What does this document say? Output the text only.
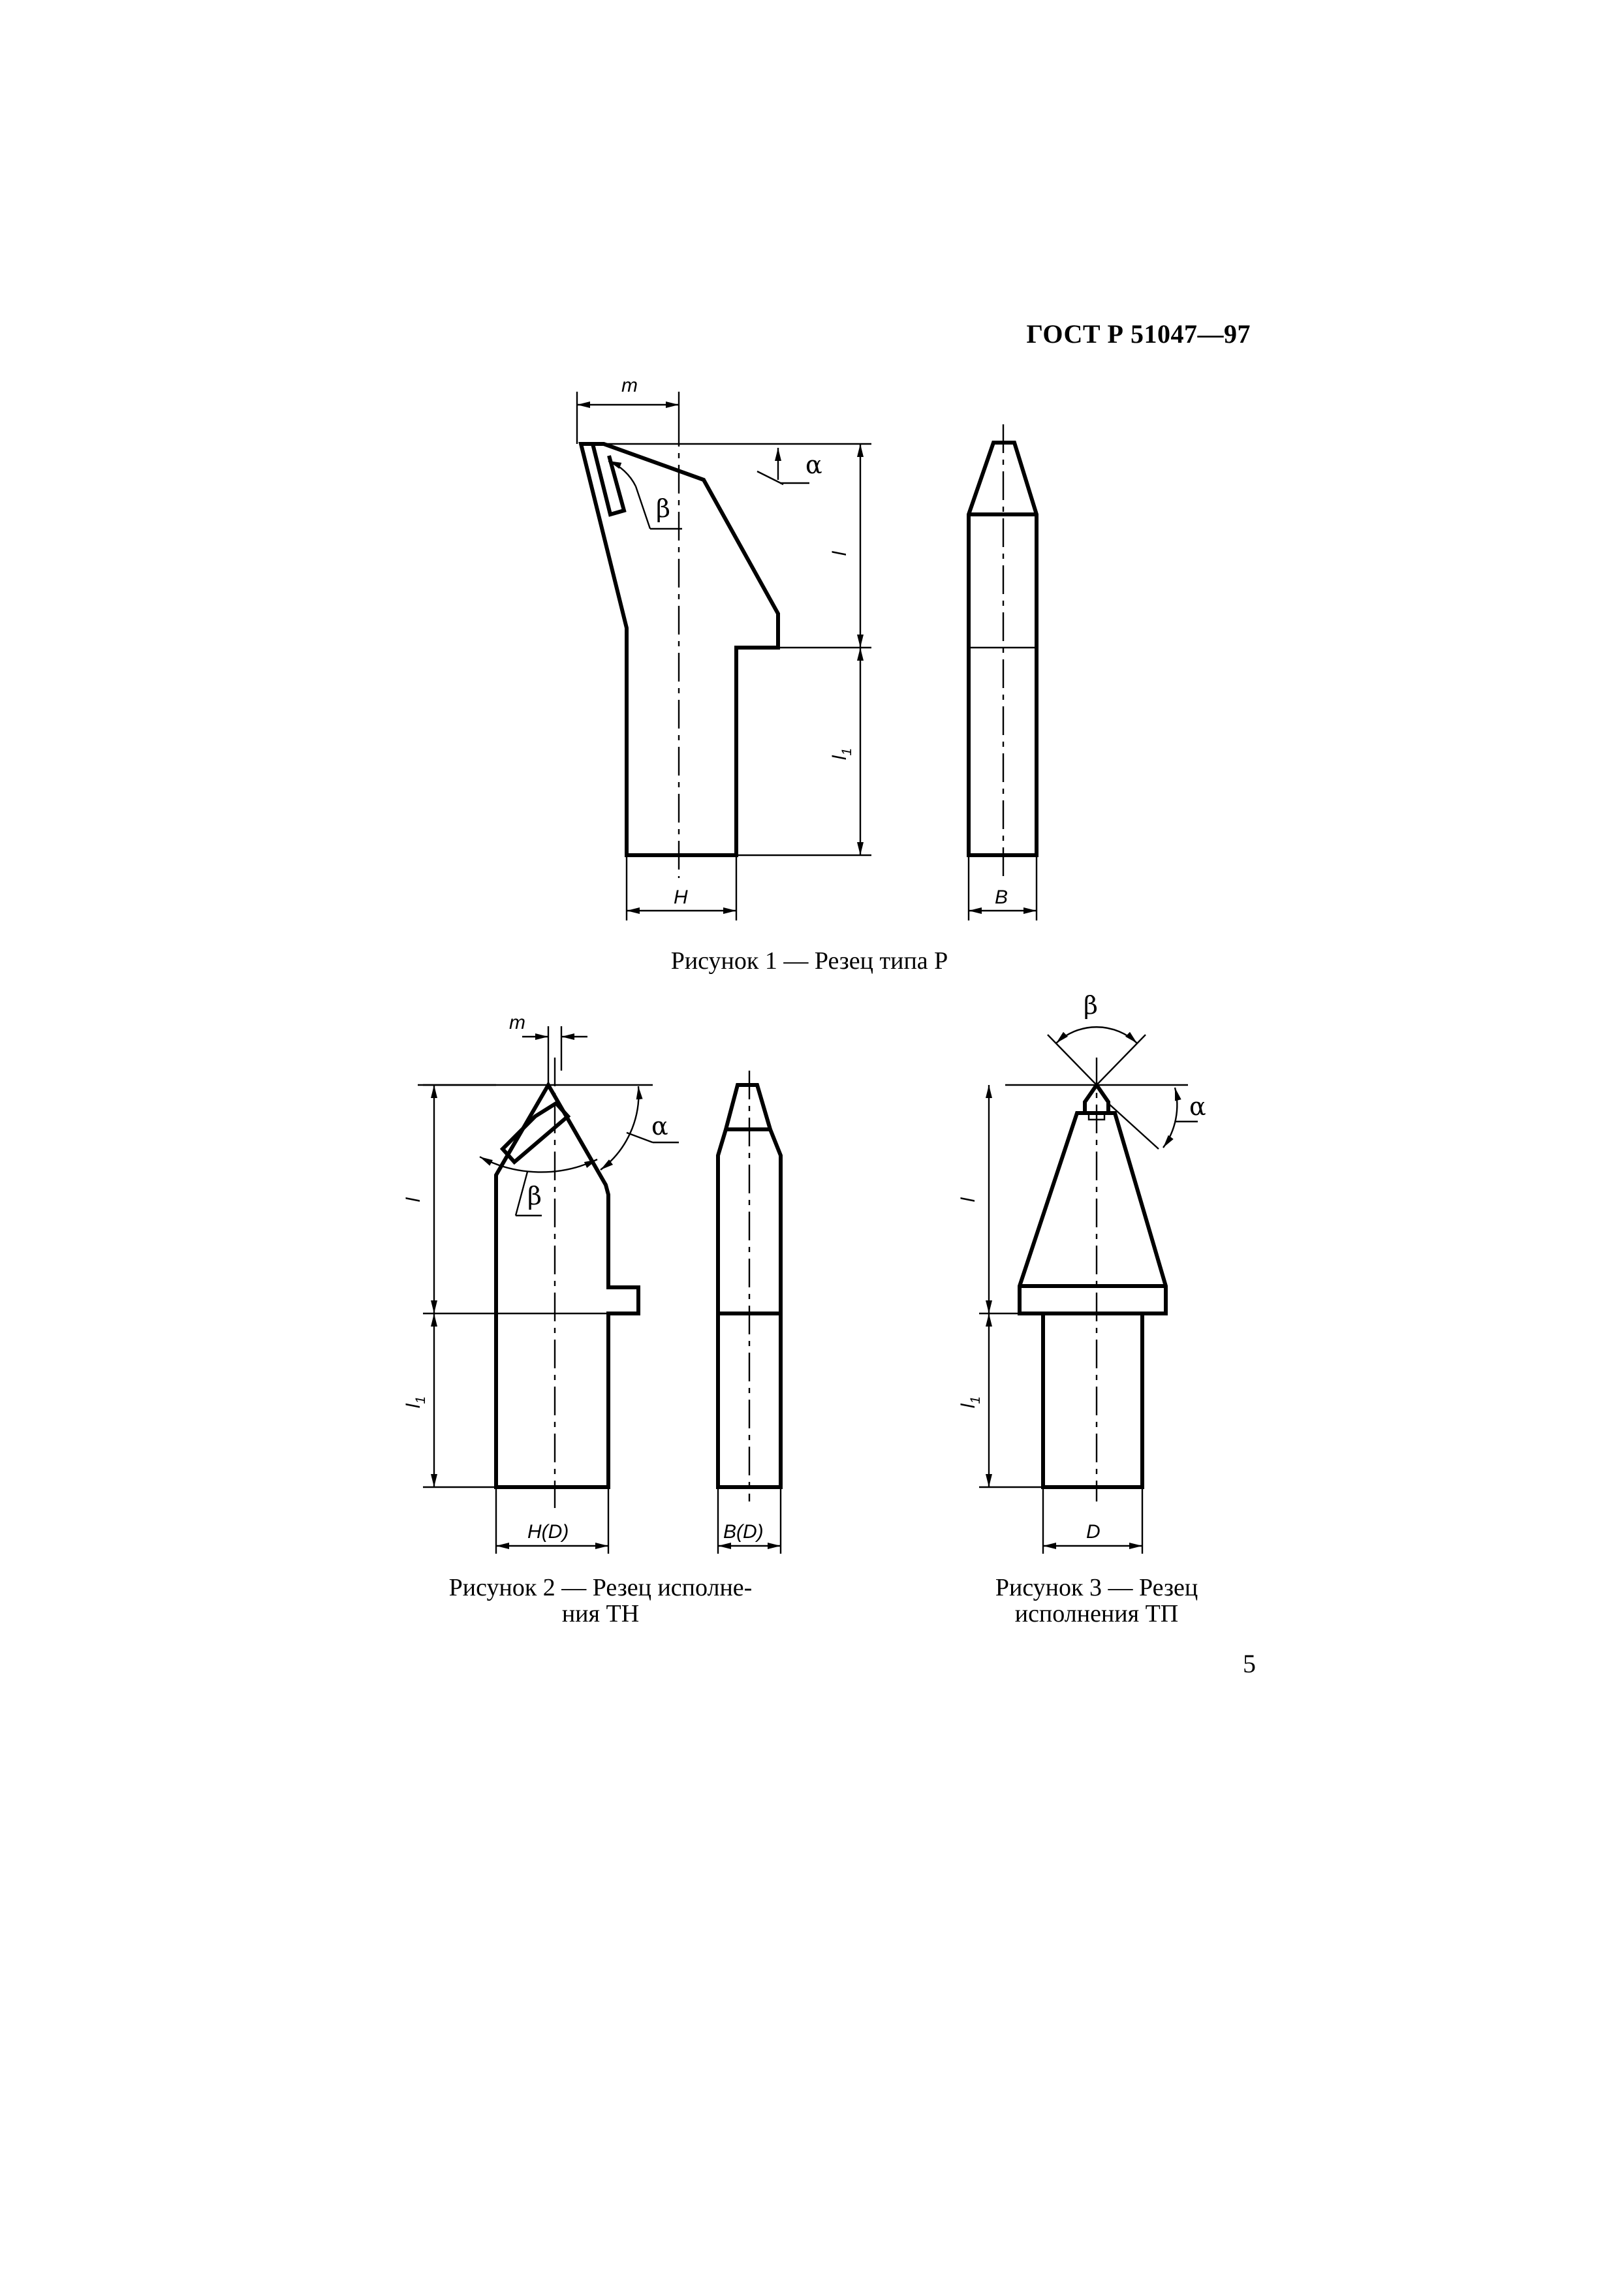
ГОСТ Р 51047—97
m
α
β
l
$l_1$
H	B
m
α
β
l
$l_1$
H(D)	B(D)
β
α
l
$l_1$
D
Рисунок 1 — Резец типа Р
Рисунок 2 — Резец исполне-
ния ТН
Рисунок 3 — Резец
исполнения ТП
5
